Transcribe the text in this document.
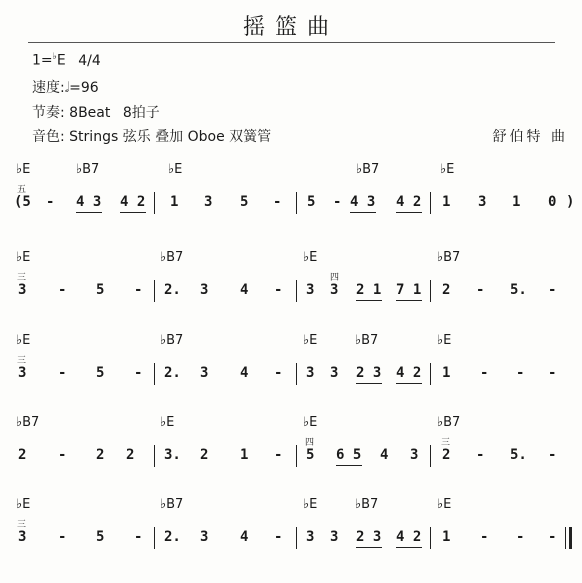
摇篮曲
1=♭E 4/4
速度:𝅗𝅥=96
节奏: 8Beat 8拍子
音色: Strings 弦乐 叠加 Oboe 双簧管	舒伯特 曲
♭E	♭B7	♭E	♭B7	♭E
五
(5 - 4 3 4 2 1 3 5 - 5 - 4 3 4 2 1 3 1 0 )
♭E	♭B7	♭E	♭B7
三	四
3 - 5 - 2. 3 4 - 3 3 2 1 7 1 2 - 5. -
♭E	♭B7	♭E	♭B7	♭E
三
3 - 5 - 2. 3 4 - 3 3 2 3 4 2 1 - - -
♭B7	♭E	♭E	♭B7
四	三
2 - 2 2 3. 2 1 - 5 6 5 4 3 2 - 5. -
♭E	♭B7	♭E	♭B7	♭E
三
3 - 5 - 2. 3 4 - 3 3 2 3 4 2 1 - - -
